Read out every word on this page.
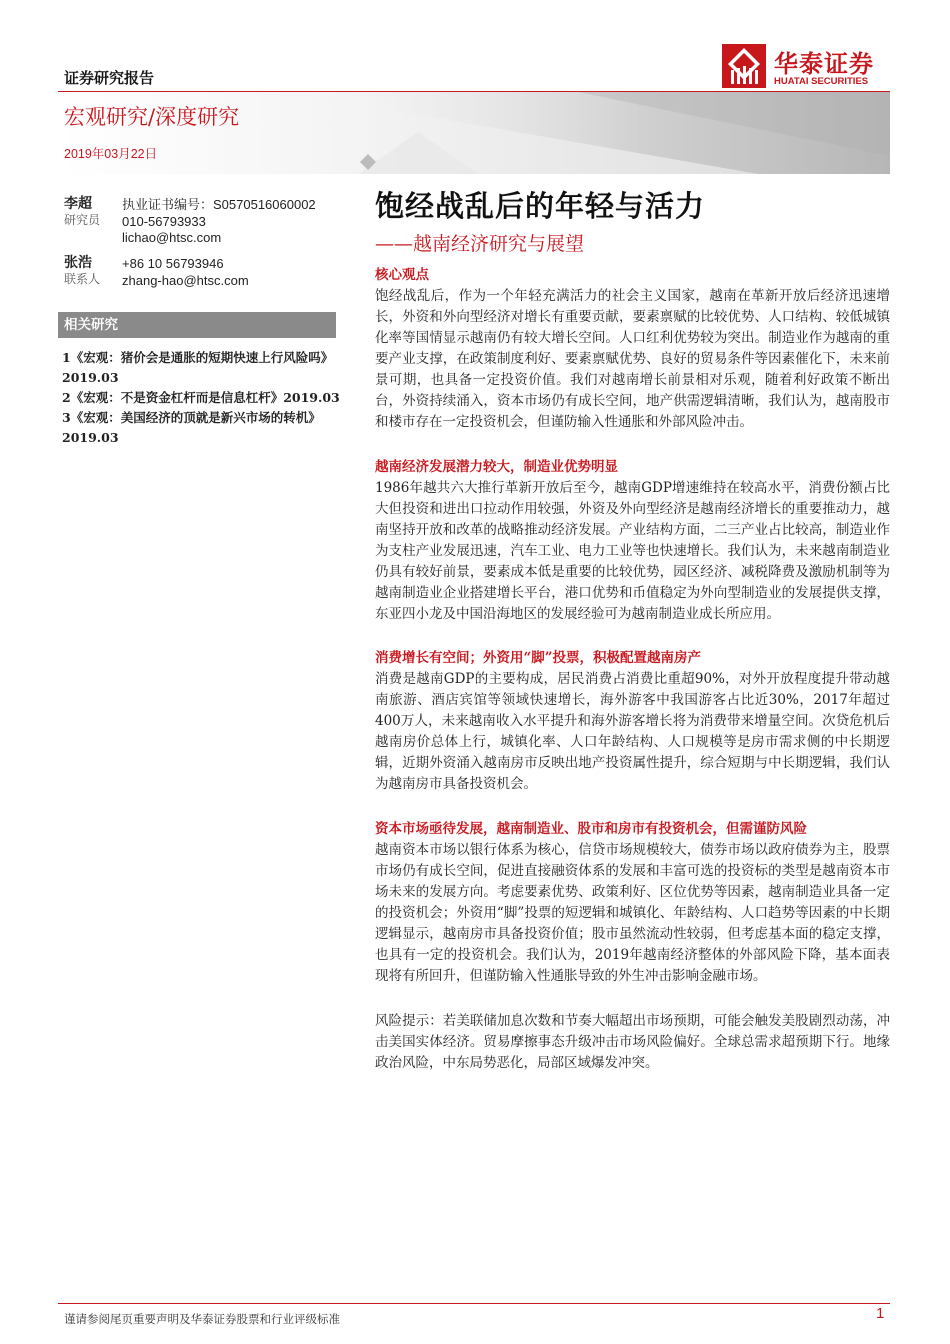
证券研究报告	华泰证券
HUATAI SECURITIES
宏观研究/深度研究
2019年03月22日
李超
研究员
执业证书编号：S0570516060002
010-56793933
lichao@htsc.com
张浩
联系人
+86 10 56793946
zhang-hao@htsc.com
相关研究

1《宏观：猪价会是通胀的短期快速上行风险吗》2019.03

2《宏观：不是资金杠杆而是信息杠杆》2019.03

3《宏观：美国经济的顶就是新兴市场的转机》2019.03

饱经战乱后的年轻与活力
——越南经济研究与展望
核心观点
饱经战乱后，作为一个年轻充满活力的社会主义国家，越南在革新开放后经济迅速增长，外资和外向型经济对增长有重要贡献，要素禀赋的比较优势、人口结构、较低城镇化率等国情显示越南仍有较大增长空间。人口红利优势较为突出。制造业作为越南的重要产业支撑，在政策制度利好、要素禀赋优势、良好的贸易条件等因素催化下，未来前景可期，也具备一定投资价值。我们对越南增长前景相对乐观，随着利好政策不断出台，外资持续涌入，资本市场仍有成长空间，地产供需逻辑清晰，我们认为，越南股市和楼市存在一定投资机会，但谨防输入性通胀和外部风险冲击。
越南经济发展潜力较大，制造业优势明显
1986年越共六大推行革新开放后至今，越南GDP增速维持在较高水平，消费份额占比大但投资和进出口拉动作用较强，外资及外向型经济是越南经济增长的重要推动力，越南坚持开放和改革的战略推动经济发展。产业结构方面，二三产业占比较高，制造业作为支柱产业发展迅速，汽车工业、电力工业等也快速增长。我们认为，未来越南制造业仍具有较好前景，要素成本低是重要的比较优势，园区经济、减税降费及激励机制等为越南制造业企业搭建增长平台，港口优势和币值稳定为外向型制造业的发展提供支撑，东亚四小龙及中国沿海地区的发展经验可为越南制造业成长所应用。
消费增长有空间；外资用“脚”投票，积极配置越南房产
消费是越南GDP的主要构成，居民消费占消费比重超90%，对外开放程度提升带动越南旅游、酒店宾馆等领域快速增长，海外游客中我国游客占比近30%，2017年超过400万人，未来越南收入水平提升和海外游客增长将为消费带来增量空间。次贷危机后越南房价总体上行，城镇化率、人口年龄结构、人口规模等是房市需求侧的中长期逻辑，近期外资涌入越南房市反映出地产投资属性提升，综合短期与中长期逻辑，我们认为越南房市具备投资机会。
资本市场亟待发展，越南制造业、股市和房市有投资机会，但需谨防风险
越南资本市场以银行体系为核心，信贷市场规模较大，债券市场以政府债券为主，股票市场仍有成长空间，促进直接融资体系的发展和丰富可选的投资标的类型是越南资本市场未来的发展方向。考虑要素优势、政策利好、区位优势等因素，越南制造业具备一定的投资机会；外资用“脚”投票的短逻辑和城镇化、年龄结构、人口趋势等因素的中长期逻辑显示，越南房市具备投资价值；股市虽然流动性较弱，但考虑基本面的稳定支撑，也具有一定的投资机会。我们认为，2019年越南经济整体的外部风险下降，基本面表现将有所回升，但谨防输入性通胀导致的外生冲击影响金融市场。
风险提示：若美联储加息次数和节奏大幅超出市场预期，可能会触发美股剧烈动荡，冲击美国实体经济。贸易摩擦事态升级冲击市场风险偏好。全球总需求超预期下行。地缘政治风险，中东局势恶化，局部区域爆发冲突。
谨请参阅尾页重要声明及华泰证券股票和行业评级标准	1
